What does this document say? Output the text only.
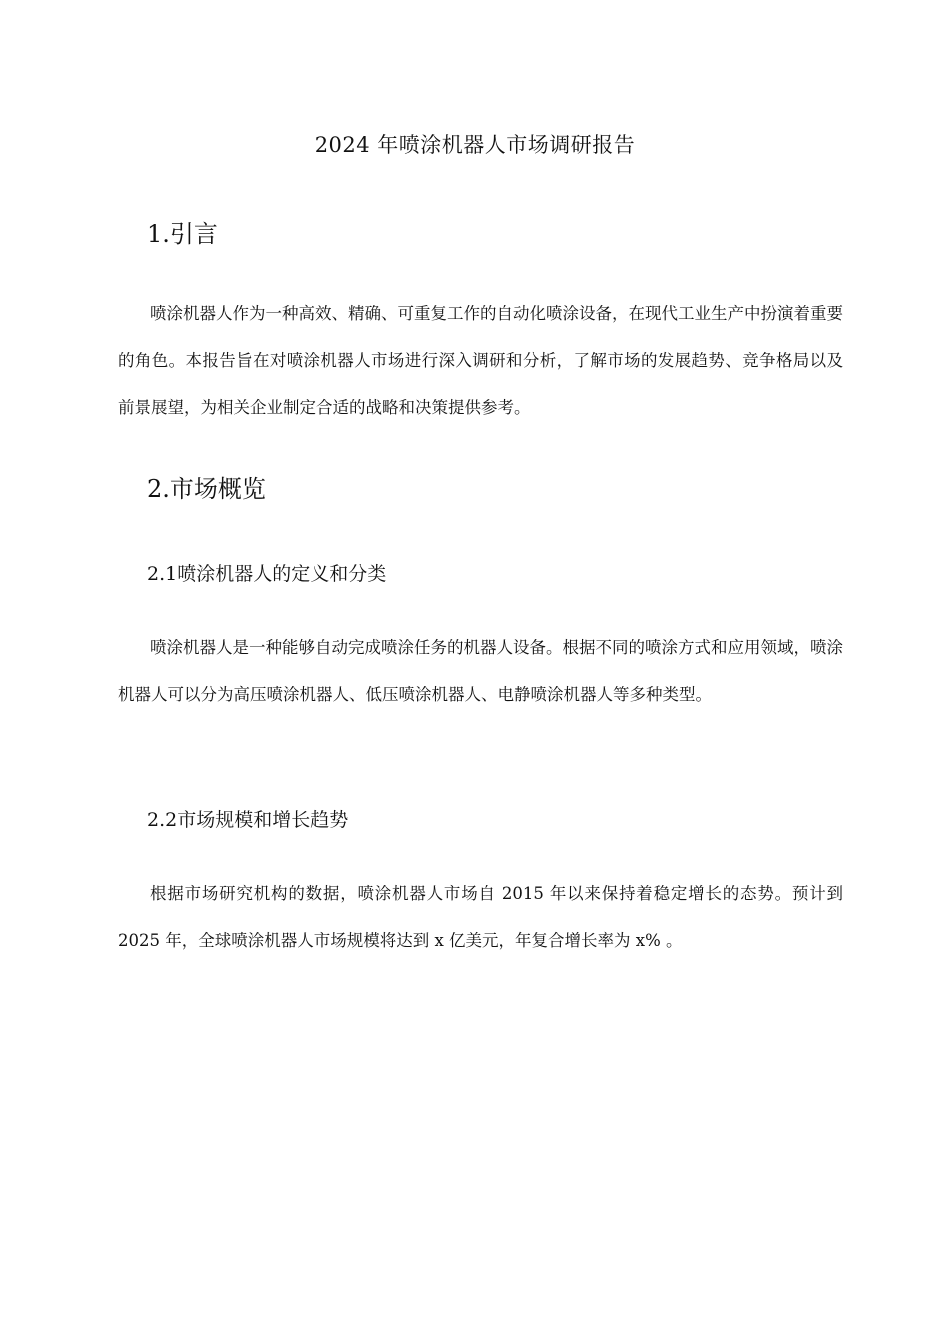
2024 年喷涂机器人市场调研报告
1.引言

喷涂机器人作为一种高效、精确、可重复工作的自动化喷涂设备，在现代工业生产中扮演着重要的角色。本报告旨在对喷涂机器人市场进行深入调研和分析，了解市场的发展趋势、竞争格局以及前景展望，为相关企业制定合适的战略和决策提供参考。

2.市场概览
2.1喷涂机器人的定义和分类

喷涂机器人是一种能够自动完成喷涂任务的机器人设备。根据不同的喷涂方式和应用领域，喷涂机器人可以分为高压喷涂机器人、低压喷涂机器人、电静喷涂机器人等多种类型。

2.2市场规模和增长趋势

根据市场研究机构的数据，喷涂机器人市场自 2015 年以来保持着稳定增长的态势。预计到 2025 年，全球喷涂机器人市场规模将达到 x 亿美元，年复合增长率为 x% 。
